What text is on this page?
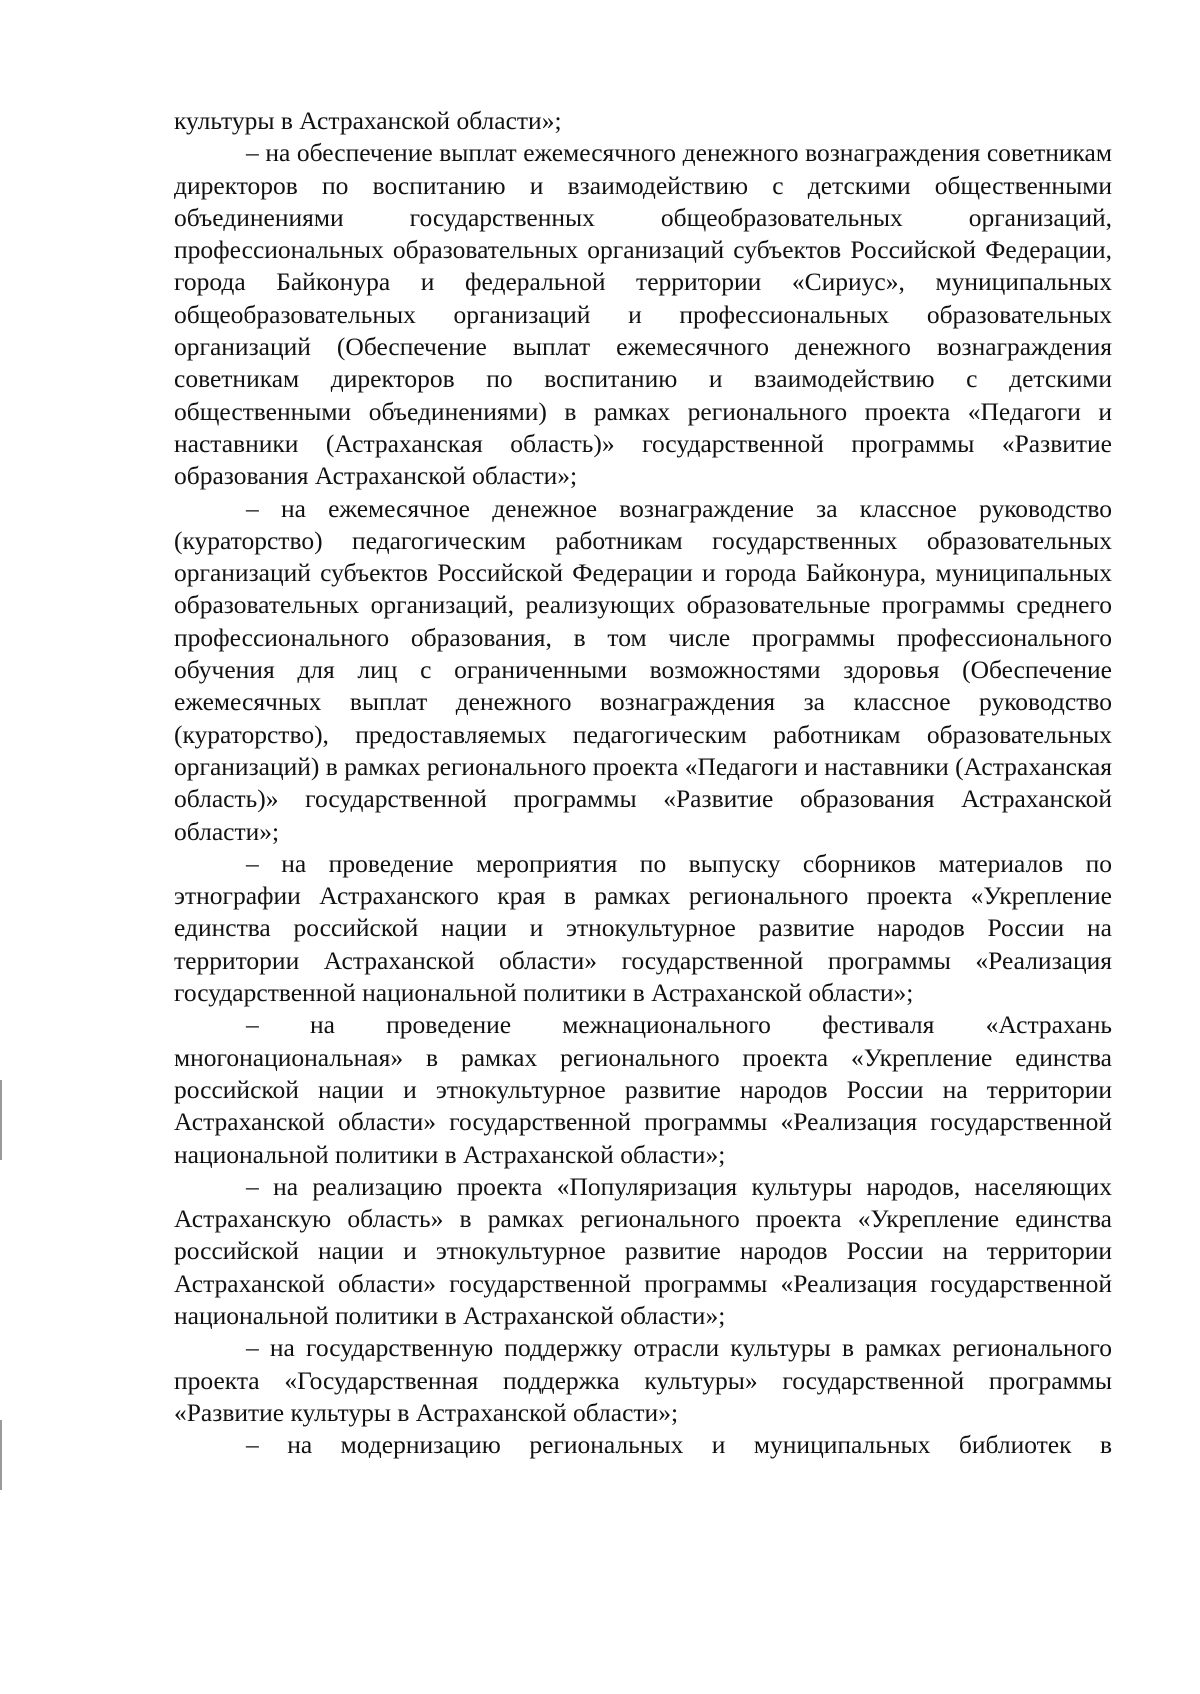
культуры в Астраханской области»;

– на обеспечение выплат ежемесячного денежного вознаграждения советникам директоров по воспитанию и взаимодействию с детскими общественными объединениями государственных общеобразовательных организаций, профессиональных образовательных организаций субъектов Российской Федерации, города Байконура и федеральной территории «Сириус», муниципальных общеобразовательных организаций и профессиональных образовательных организаций (Обеспечение выплат ежемесячного денежного вознаграждения советникам директоров по воспитанию и взаимодействию с детскими общественными объединениями) в рамках регионального проекта «Педагоги и наставники (Астраханская область)» государственной программы «Развитие образования Астраханской области»;

– на ежемесячное денежное вознаграждение за классное руководство (кураторство) педагогическим работникам государственных образовательных организаций субъектов Российской Федерации и города Байконура, муниципальных образовательных организаций, реализующих образовательные программы среднего профессионального образования, в том числе программы профессионального обучения для лиц с ограниченными возможностями здоровья (Обеспечение ежемесячных выплат денежного вознаграждения за классное руководство (кураторство), предоставляемых педагогическим работникам образовательных организаций) в рамках регионального проекта «Педагоги и наставники (Астраханская область)» государственной программы «Развитие образования Астраханской области»;

– на проведение мероприятия по выпуску сборников материалов по этнографии Астраханского края в рамках регионального проекта «Укрепление единства российской нации и этнокультурное развитие народов России на территории Астраханской области» государственной программы «Реализация государственной национальной политики в Астраханской области»;

– на проведение межнационального фестиваля «Астрахань многонациональная» в рамках регионального проекта «Укрепление единства российской нации и этнокультурное развитие народов России на территории Астраханской области» государственной программы «Реализация государственной национальной политики в Астраханской области»;

– на реализацию проекта «Популяризация культуры народов, населяющих Астраханскую область» в рамках регионального проекта «Укрепление единства российской нации и этнокультурное развитие народов России на территории Астраханской области» государственной программы «Реализация государственной национальной политики в Астраханской области»;

– на государственную поддержку отрасли культуры в рамках регионального проекта «Государственная поддержка культуры» государственной программы «Развитие культуры в Астраханской области»;

– на модернизацию региональных и муниципальных библиотек в
